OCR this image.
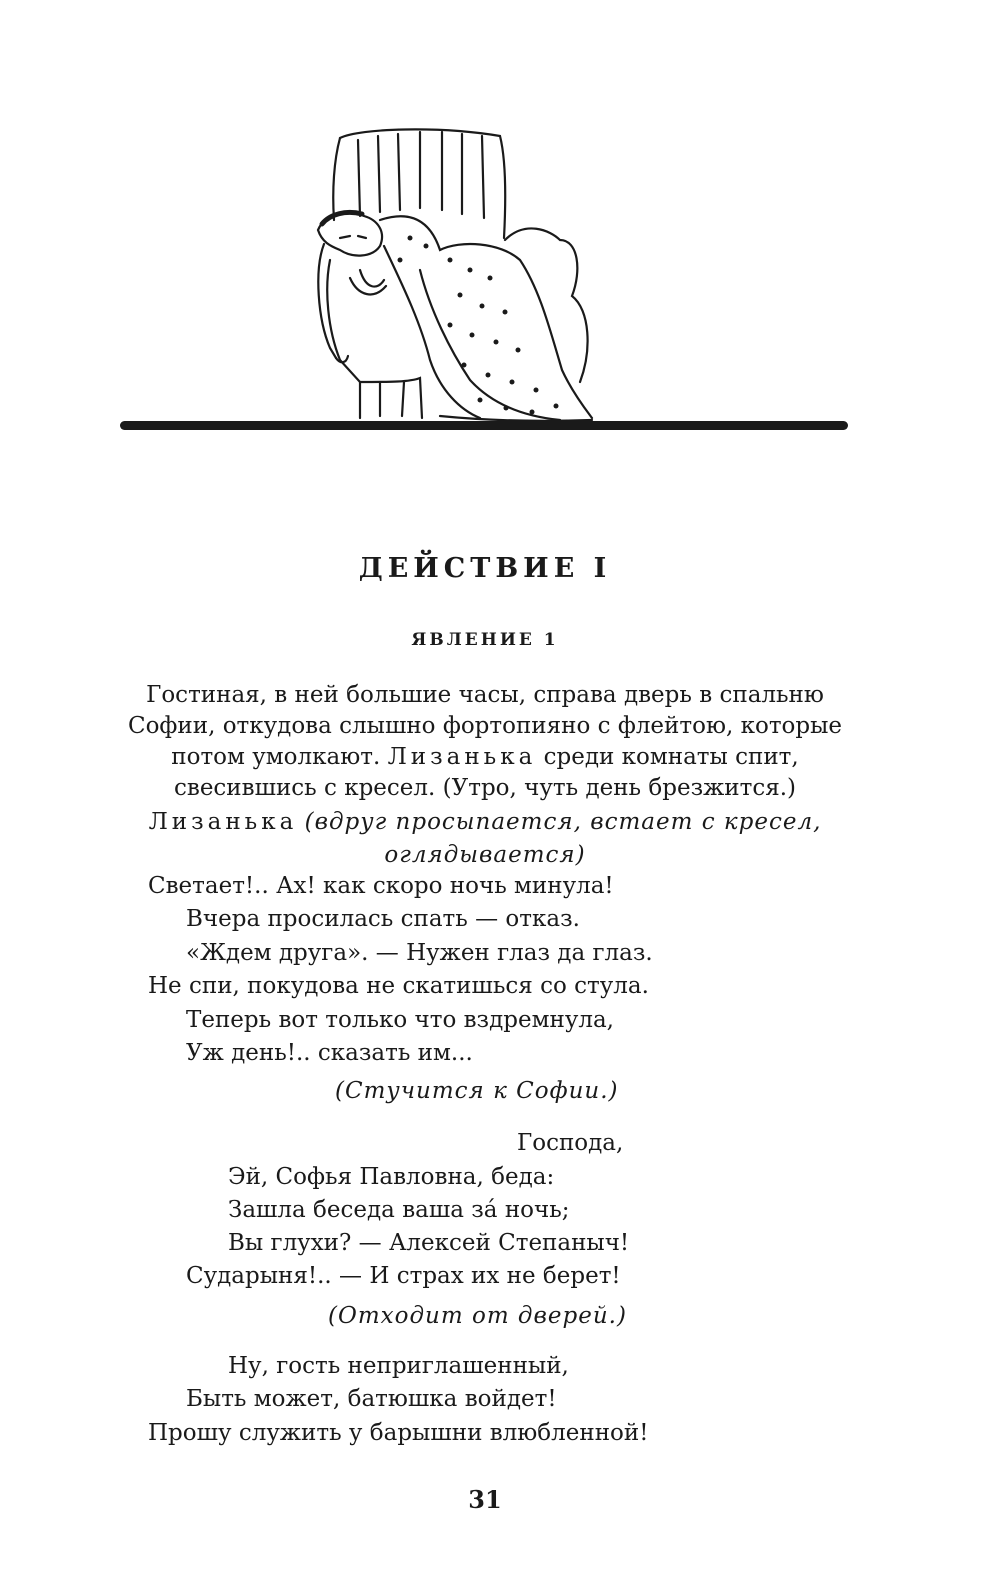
ДЕЙСТВИЕ I
ЯВЛЕНИЕ 1
Гостиная, в ней большие часы, справа дверь в спальню
Софии, откудова слышно фортопияно с флейтою, которые
потом умолкают. Лизанька среди комнаты спит,
свесившись с кресел. (Утро, чуть день брезжится.)
Лизанька (вдруг просыпается, встает с кресел,
оглядывается)
Светает!.. Ах! как скоро ночь минула!
Вчера просилась спать — отказ.
«Ждем друга». — Нужен глаз да глаз.
Не спи, покудова не скатишься со стула.
Теперь вот только что вздремнула,
Уж день!.. сказать им...
(Стучится к Софии.)
Господа,
Эй, Софья Павловна, беда:
Зашла беседа ваша за́ ночь;
Вы глухи? — Алексей Степаныч!
Сударыня!.. — И страх их не берет!
(Отходит от дверей.)
Ну, гость неприглашенный,
Быть может, батюшка войдет!
Прошу служить у барышни влюбленной!
31
